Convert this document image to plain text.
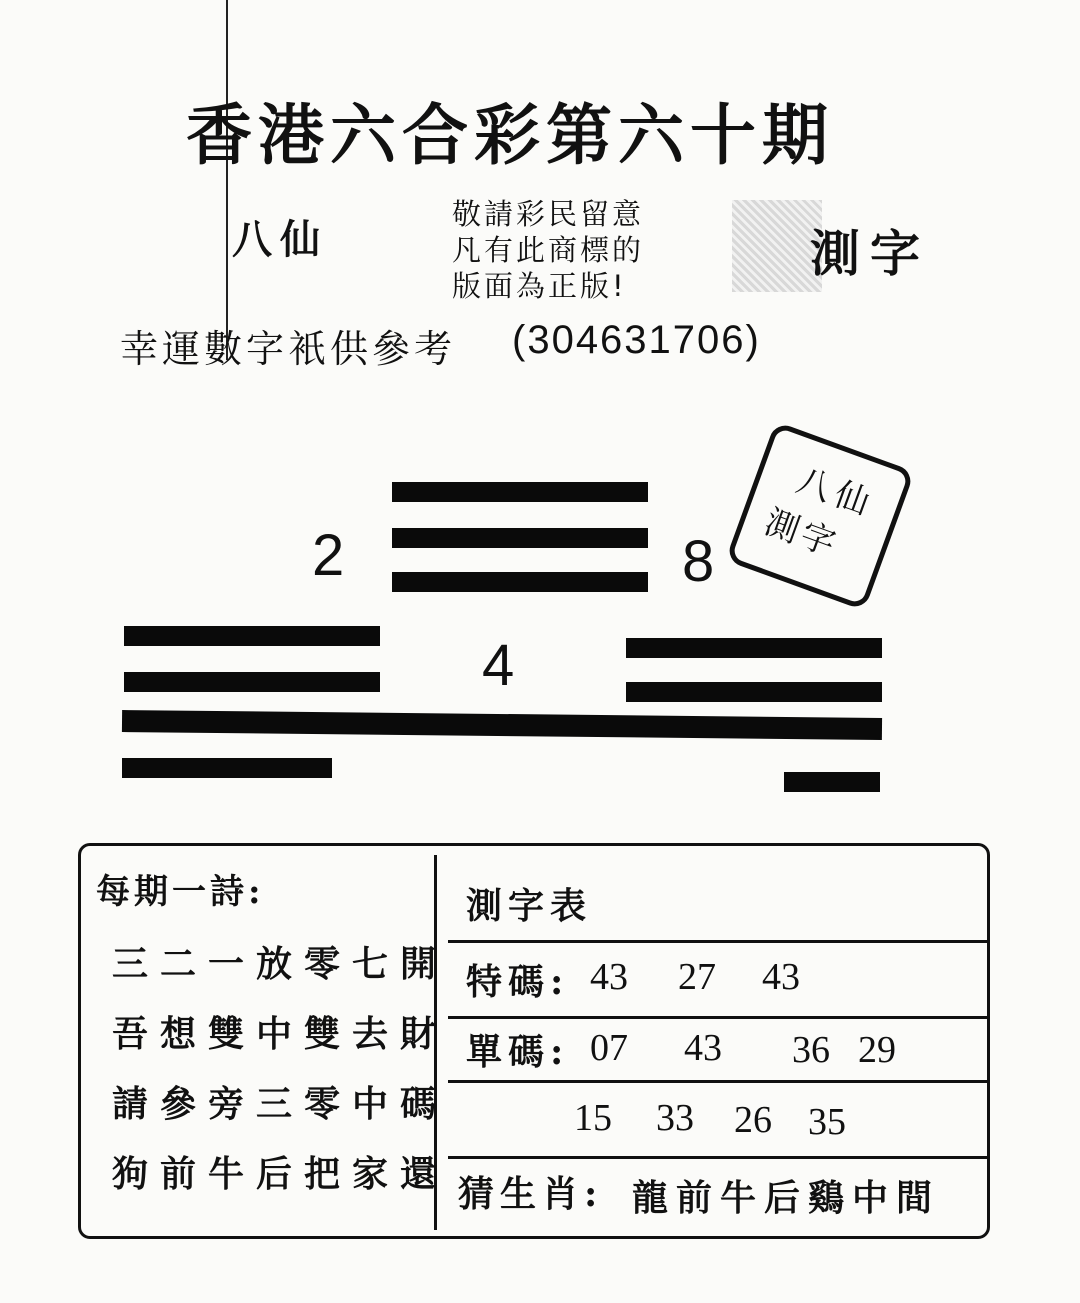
香港六合彩第六十期
八仙
敬請彩民留意
凡有此商標的
版面為正版!
測字
幸運數字衹供參考 (304631706)
2	8
4
八仙
測字
每期一詩:
三二一放零七開
吾想雙中雙去財
請參旁三零中碼
狗前牛后把家還
測字表
特碼: 43 27 43
單碼: 07 43 36 29
15 33 26 35
猜生肖: 龍前牛后鷄中間
